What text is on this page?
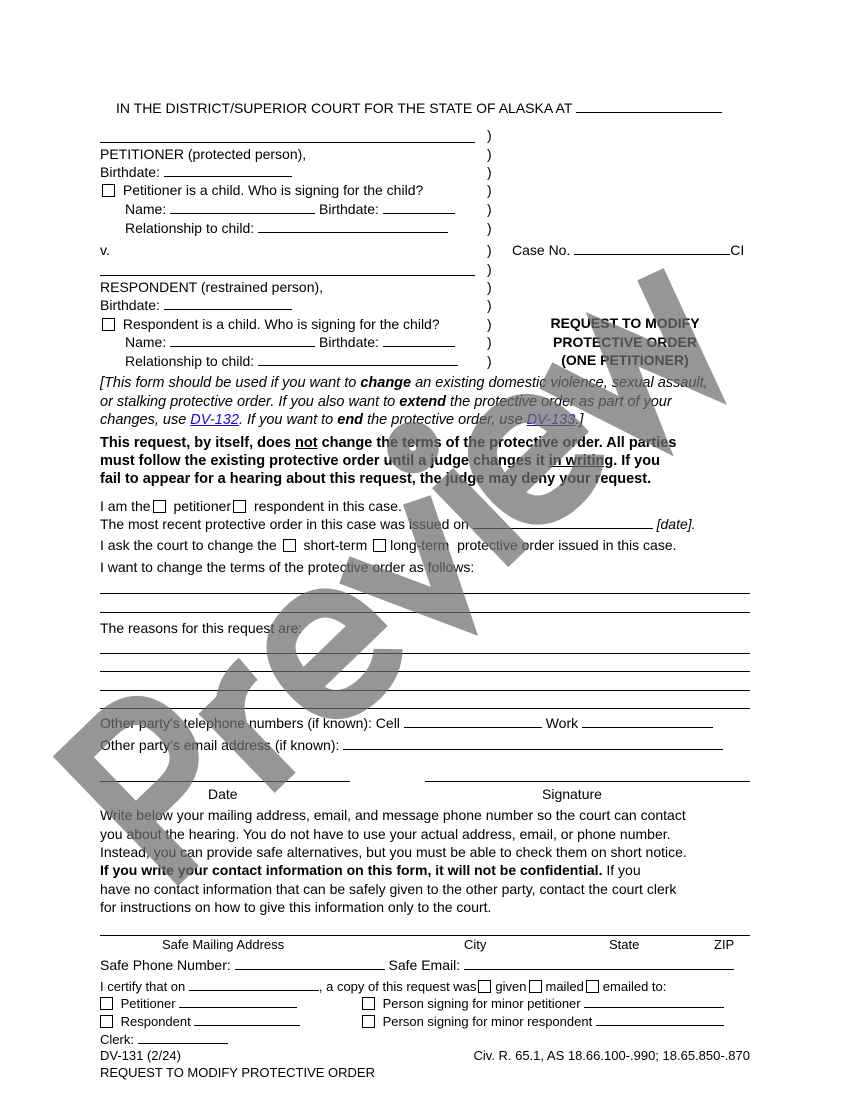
IN THE DISTRICT/SUPERIOR COURT FOR THE STATE OF ALASKA AT
PETITIONER (protected person),
Birthdate:
Petitioner is a child. Who is signing for the child?
Name:	Birthdate:
Relationship to child:
v.
RESPONDENT (restrained person),
Birthdate:
Respondent is a child. Who is signing for the child?
Name:	Birthdate:
Relationship to child:
)
)
)
)
)
)
)
)
)
)
)
)
)
Case No.	CI
REQUEST TO MODIFY
PROTECTIVE ORDER
(ONE PETITIONER)
[This form should be used if you want to change an existing domestic violence, sexual assault,
or stalking protective order. If you also want to extend the protective order as part of your
changes, use DV-132. If you want to end the protective order, use DV-133.]
This request, by itself, does not change the terms of the protective order. All parties
must follow the existing protective order until a judge changes it in writing. If you
fail to appear for a hearing about this request, the judge may deny your request.
I am the petitioner respondent in this case.
The most recent protective order in this case was issued on	[date].
I ask the court to change the short-term long-term protective order issued in this case.
I want to change the terms of the protective order as follows:
The reasons for this request are:
Other party's telephone numbers (if known): Cell	Work
Other party’s email address (if known):
Date	Signature
Write below your mailing address, email, and message phone number so the court can contact
you about the hearing. You do not have to use your actual address, email, or phone number.
Instead, you can provide safe alternatives, but you must be able to check them on short notice.
If you write your contact information on this form, it will not be confidential. If you
have no contact information that can be safely given to the other party, contact the court clerk
for instructions on how to give this information only to the court.
Safe Mailing Address	City	State	ZIP
Safe Phone Number:	Safe Email:
I certify that on	, a copy of this request was given mailed emailed to:
Petitioner	Person signing for minor petitioner
Respondent	Person signing for minor respondent
Clerk:
DV-131 (2/24)	Civ. R. 65.1, AS 18.66.100-.990; 18.65.850-.870
REQUEST TO MODIFY PROTECTIVE ORDER
